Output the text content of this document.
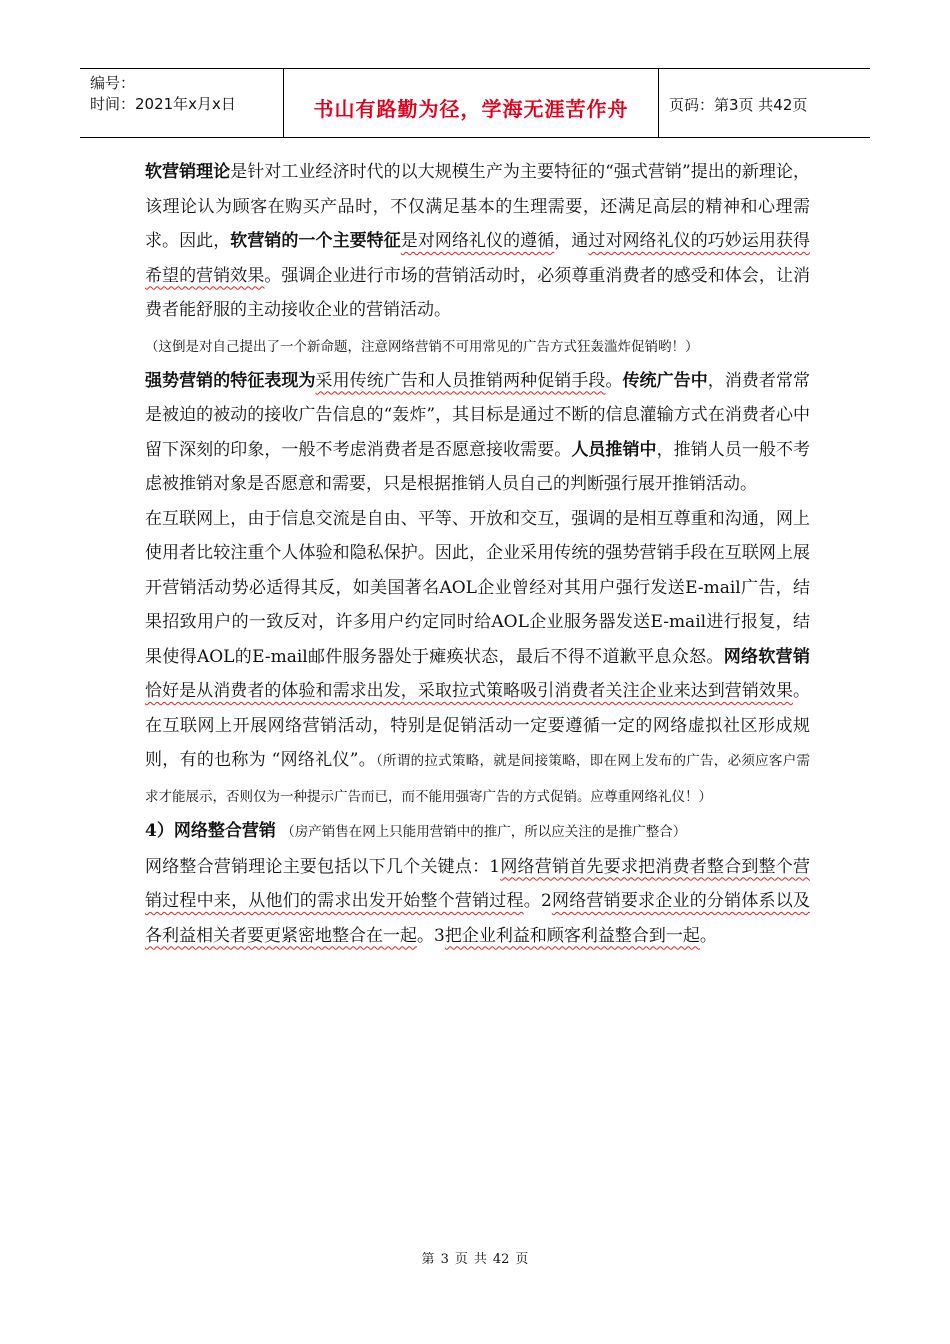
编号：
时间：2021年x月x日	书山有路勤为径，学海无涯苦作舟	页码：第3页 共42页

软营销理论是针对工业经济时代的以大规模生产为主要特征的“强式营销”提出的新理论，该理论认为顾客在购买产品时，不仅满足基本的生理需要，还满足高层的精神和心理需求。因此，软营销的一个主要特征是对网络礼仪的遵循，通过对网络礼仪的巧妙运用获得希望的营销效果。强调企业进行市场的营销活动时，必须尊重消费者的感受和体会，让消费者能舒服的主动接收企业的营销活动。

（这倒是对自己提出了一个新命题，注意网络营销不可用常见的广告方式狂轰滥炸促销哟！）

强势营销的特征表现为采用传统广告和人员推销两种促销手段。传统广告中，消费者常常是被迫的被动的接收广告信息的“轰炸”，其目标是通过不断的信息灌输方式在消费者心中留下深刻的印象，一般不考虑消费者是否愿意接收需要。人员推销中，推销人员一般不考虑被推销对象是否愿意和需要，只是根据推销人员自己的判断强行展开推销活动。

在互联网上，由于信息交流是自由、平等、开放和交互，强调的是相互尊重和沟通，网上使用者比较注重个人体验和隐私保护。因此，企业采用传统的强势营销手段在互联网上展开营销活动势必适得其反，如美国著名AOL企业曾经对其用户强行发送E-mail广告，结果招致用户的一致反对，许多用户约定同时给AOL企业服务器发送E-mail进行报复，结果使得AOL的E-mail邮件服务器处于瘫痪状态，最后不得不道歉平息众怒。网络软营销恰好是从消费者的体验和需求出发，采取拉式策略吸引消费者关注企业来达到营销效果。在互联网上开展网络营销活动，特别是促销活动一定要遵循一定的网络虚拟社区形成规则，有的也称为 “网络礼仪”。（所谓的拉式策略，就是间接策略，即在网上发布的广告，必须应客户需求才能展示，否则仅为一种提示广告而已，而不能用强寄广告的方式促销。应尊重网络礼仪！）

4）网络整合营销 （房产销售在网上只能用营销中的推广，所以应关注的是推广整合）

网络整合营销理论主要包括以下几个关键点：1网络营销首先要求把消费者整合到整个营销过程中来，从他们的需求出发开始整个营销过程。2网络营销要求企业的分销体系以及各利益相关者要更紧密地整合在一起。3把企业利益和顾客利益整合到一起。

第 3 页 共 42 页
